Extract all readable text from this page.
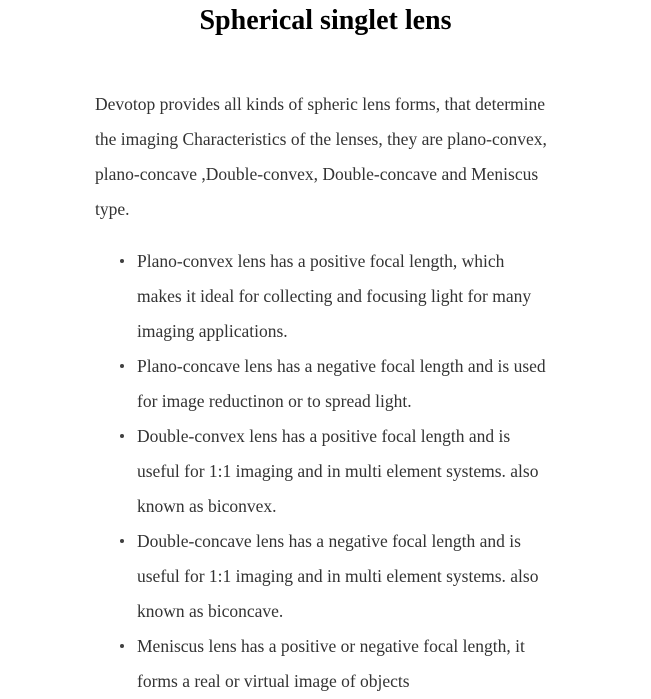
Spherical singlet lens
Devotop provides all kinds of spheric lens forms, that determine
the imaging Characteristics of the lenses, they are plano-convex,
plano-concave ,Double-convex, Double-concave and Meniscus
type.
Plano-convex lens has a positive focal length, which
makes it ideal for collecting and focusing light for many
imaging applications.
Plano-concave lens has a negative focal length and is used
for image reductinon or to spread light.
Double-convex lens has a positive focal length and is
useful for 1:1 imaging and in multi element systems. also
known as biconvex.
Double-concave lens has a negative focal length and is
useful for 1:1 imaging and in multi element systems. also
known as biconcave.
Meniscus lens has a positive or negative focal length, it
forms a real or virtual image of objects
